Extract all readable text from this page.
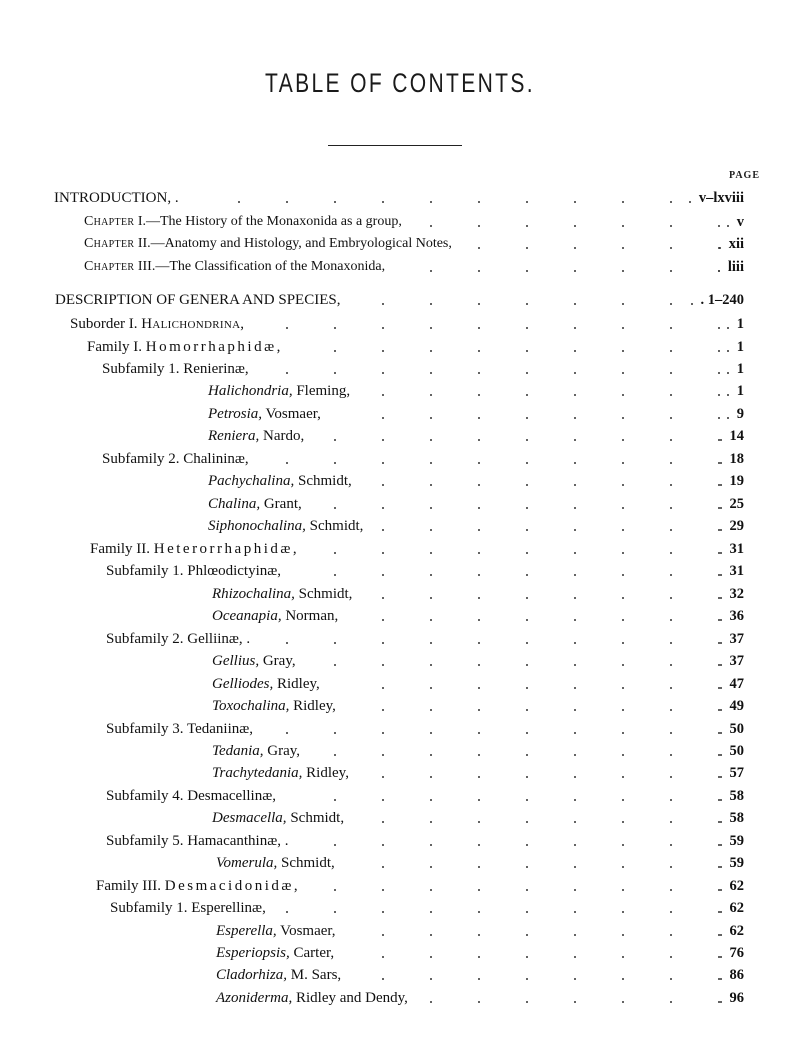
TABLE OF CONTENTS.
PAGE
INTRODUCTION, .	v–lxviii
Chapter I.—The History of the Monaxonida as a group,	v
Chapter II.—Anatomy and Histology, and Embryological Notes,	xii
Chapter III.—The Classification of the Monaxonida,	liii
DESCRIPTION OF GENERA AND SPECIES,	. 1–240
Suborder I. Halichondrina,	1
Family I. Homorrhaphidæ,	1
Subfamily 1. Renierinæ,	1
Halichondria, Fleming,	1
Petrosia, Vosmaer,	9
Reniera, Nardo,	14
Subfamily 2. Chalininæ,	18
Pachychalina, Schmidt,	19
Chalina, Grant,	25
Siphonochalina, Schmidt,	29
Family II. Heterorrhaphidæ,	31
Subfamily 1. Phlœodictyinæ,	31
Rhizochalina, Schmidt,	32
Oceanapia, Norman,	36
Subfamily 2. Gelliinæ, .	37
Gellius, Gray,	37
Gelliodes, Ridley,	47
Toxochalina, Ridley,	49
Subfamily 3. Tedaniinæ,	50
Tedania, Gray,	50
Trachytedania, Ridley,	57
Subfamily 4. Desmacellinæ,	58
Desmacella, Schmidt,	58
Subfamily 5. Hamacanthinæ, .	59
Vomerula, Schmidt,	59
Family III. Desmacidonidæ,	62
Subfamily 1. Esperellinæ,	62
Esperella, Vosmaer,	62
Esperiopsis, Carter,	76
Cladorhiza, M. Sars,	86
Azoniderma, Ridley and Dendy,	96
